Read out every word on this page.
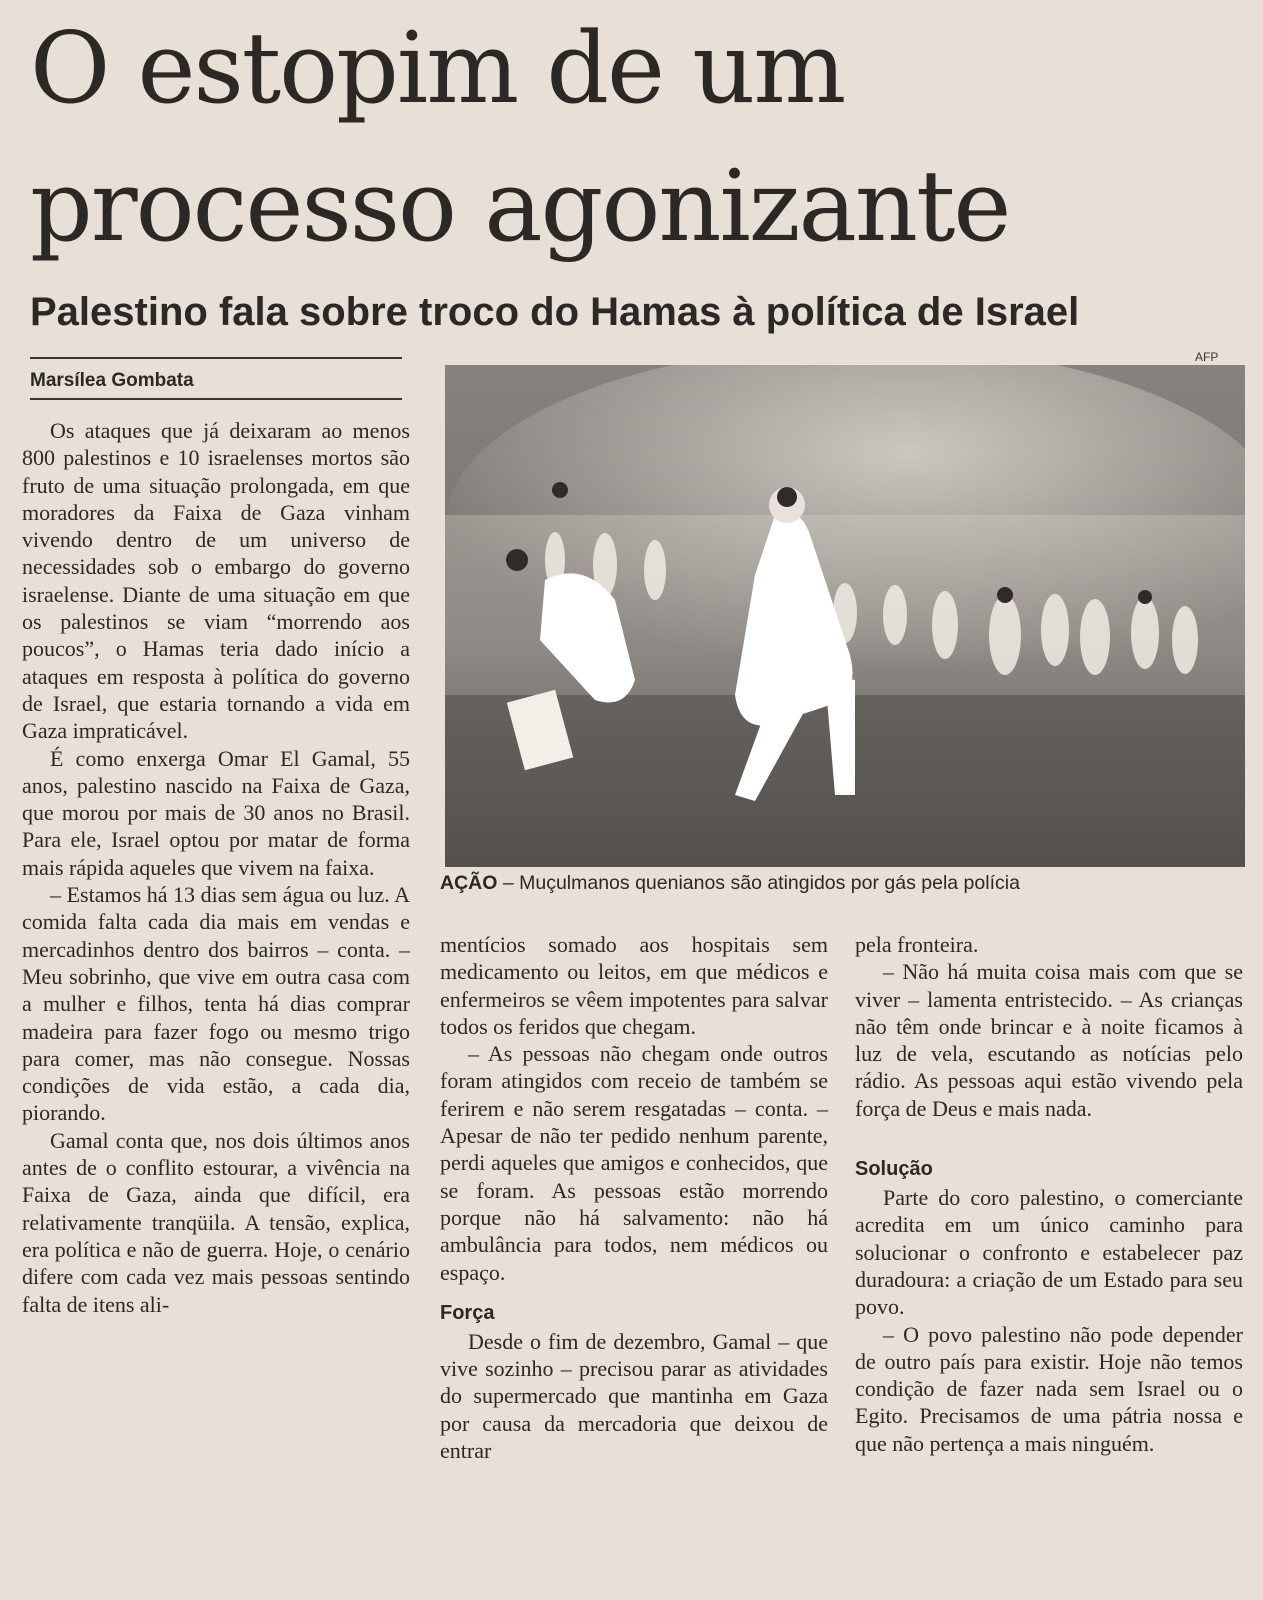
O estopim de um
processo agonizante
Palestino fala sobre troco do Hamas à política de Israel
Marsílea Gombata
AFP
AÇÃO – Muçulmanos quenianos são atingidos por gás pela polícia

Os ataques que já deixaram ao menos 800 palestinos e 10 israelenses mortos são fruto de uma situação prolongada, em que moradores da Faixa de Gaza vinham vivendo dentro de um universo de necessidades sob o embargo do governo israelense. Diante de uma situação em que os palestinos se viam “morrendo aos poucos”, o Hamas teria dado início a ataques em resposta à política do governo de Israel, que estaria tornando a vida em Gaza impraticável.

É como enxerga Omar El Gamal, 55 anos, palestino nascido na Faixa de Gaza, que morou por mais de 30 anos no Brasil. Para ele, Israel optou por matar de forma mais rápida aqueles que vivem na faixa.

– Estamos há 13 dias sem água ou luz. A comida falta cada dia mais em vendas e mercadinhos dentro dos bairros – conta. – Meu sobrinho, que vive em outra casa com a mulher e filhos, tenta há dias comprar madeira para fazer fogo ou mesmo trigo para comer, mas não consegue. Nossas condições de vida estão, a cada dia, piorando.

Gamal conta que, nos dois últimos anos antes de o conflito estourar, a vivência na Faixa de Gaza, ainda que difícil, era relativamente tranqüila. A tensão, explica, era política e não de guerra. Hoje, o cenário difere com cada vez mais pessoas sentindo falta de itens ali-

mentícios somado aos hospitais sem medicamento ou leitos, em que médicos e enfermeiros se vêem impotentes para salvar todos os feridos que chegam.

– As pessoas não chegam onde outros foram atingidos com receio de também se ferirem e não serem resgatadas – conta. – Apesar de não ter pedido nenhum parente, perdi aqueles que amigos e conhecidos, que se foram. As pessoas estão morrendo porque não há salvamento: não há ambulância para todos, nem médicos ou espaço.

Força

Desde o fim de dezembro, Gamal – que vive sozinho – precisou parar as atividades do supermercado que mantinha em Gaza por causa da mercadoria que deixou de entrar

pela fronteira.

– Não há muita coisa mais com que se viver – lamenta entristecido. – As crianças não têm onde brincar e à noite ficamos à luz de vela, escutando as notícias pelo rádio. As pessoas aqui estão vivendo pela força de Deus e mais nada.

Solução

Parte do coro palestino, o comerciante acredita em um único caminho para solucionar o confronto e estabelecer paz duradoura: a criação de um Estado para seu povo.

– O povo palestino não pode depender de outro país para existir. Hoje não temos condição de fazer nada sem Israel ou o Egito. Precisamos de uma pátria nossa e que não pertença a mais ninguém.
